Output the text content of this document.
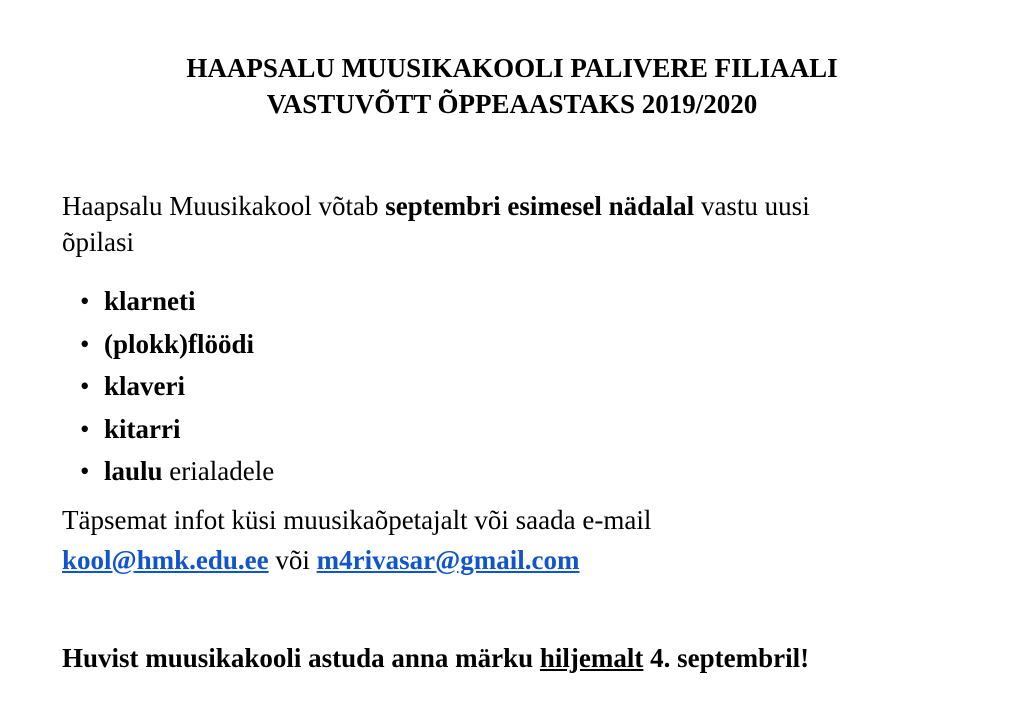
HAAPSALU MUUSIKAKOOLI PALIVERE FILIAALI
VASTUVÕTT ÕPPEAASTAKS 2019/2020
Haapsalu Muusikakool võtab septembri esimesel nädalal vastu uusi
õpilasi
• klarneti
• (plokk)flöödi
• klaveri
• kitarri
• laulu erialadele
Täpsemat infot küsi muusikaõpetajalt või saada e-mail
kool@hmk.edu.ee või m4rivasar@gmail.com
Huvist muusikakooli astuda anna märku hiljemalt 4. septembril!
